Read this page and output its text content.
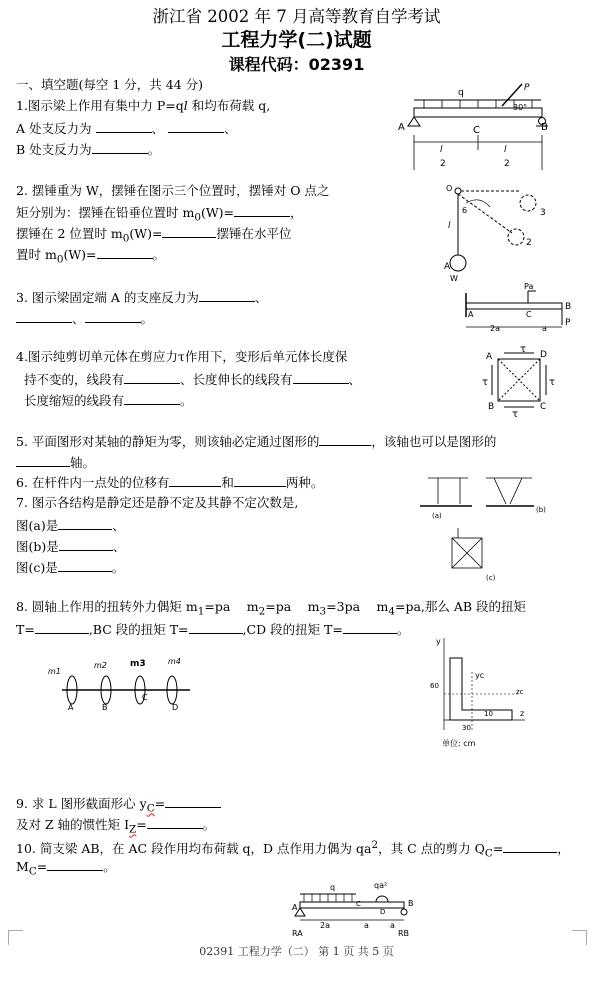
浙江省 2002 年 7 月高等教育自学考试
工程力学(二)试题
课程代码：02391
一、填空题(每空 1 分，共 44 分)
1.图示梁上作用有集中力 P=ql 和均布荷载 q,
A 处支反力为	、	、
B 处支反力为	。
q	P
30°
A	B
C
l
2
l
2
2. 摆锤重为 W，摆锤在图示三个位置时，摆锤对 O 点之
矩分别为：摆锤在铅垂位置时 $m_0(W)=$	，
摆锤在 2 位置时 $m_0(W)=$	摆锤在水平位
置时 $m_0(W)=$	。
O
l
6	3
2
A
W
3. 图示梁固定端 A 的支座反力为	、
、	。
Pa
A	C
B
P
2a	a
4.图示纯剪切单元体在剪应力τ作用下，变形后单元体长度保
持不变的，线段有	、长度伸长的线段有	、
长度缩短的线段有	。
τ
A	D
τ	τ
B	C
τ
5. 平面图形对某轴的静矩为零，则该轴必定通过图形的	，该轴也可以是图形的
轴。
6. 在杆件内一点处的位移有	和	两种。
7. 图示各结构是静定还是静不定及其静不定次数是,
图(a)是	、
图(b)是	、
图(c)是	。
(a)
(b)
(c)
8. 圆轴上作用的扭转外力偶矩 $m_1=pa$　 $m_2=pa$　 $m_3=3pa$　 $m_4=pa$,那么 AB 段的扭矩
T=	,BC 段的扭矩 T=	,CD 段的扭矩 T=	。
m1
m2	m3	m4
A	B
C
D
y
yc
60
zc
z
30
10
单位: cm
9. 求 L 图形截面形心 $y_C=$
及对 Z 轴的惯性矩 $I_Z=$	。
10. 简支梁 AB，在 AC 段作用均布荷载 q，D 点作用力偶为 $qa^2$，其 C 点的剪力 $Q_C=$	，
$M_C=$	。
q	qa²
A	C
D
B
2a	a	a
RA	RB
02391 工程力学（二） 第 1 页 共 5 页
